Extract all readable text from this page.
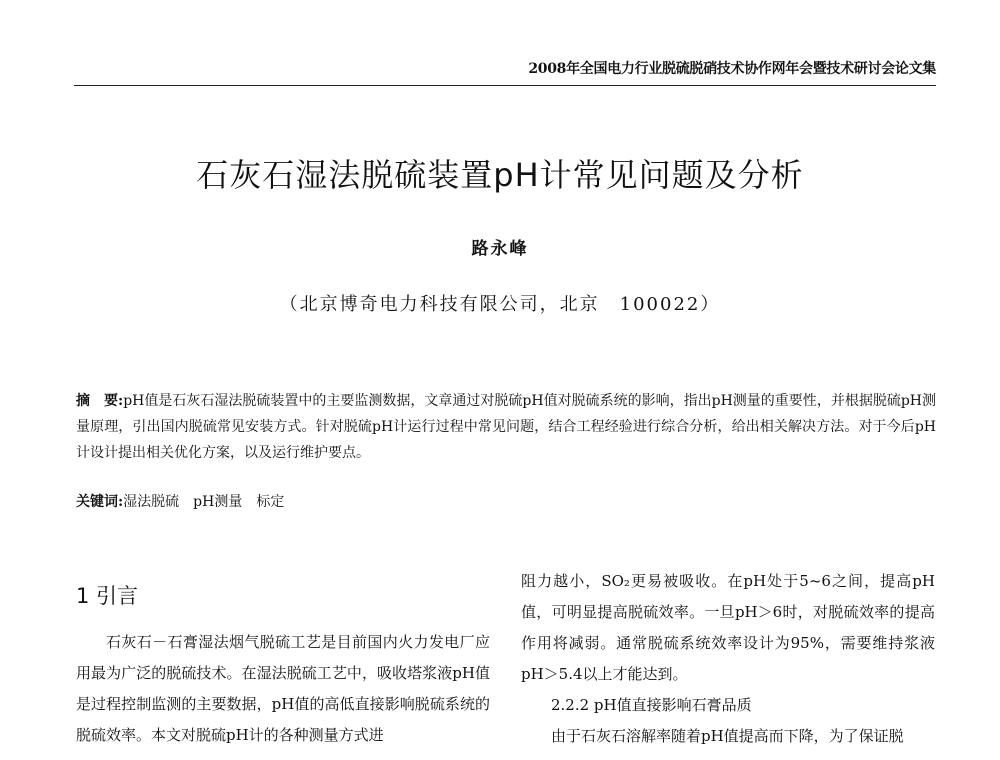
2008年全国电力行业脱硫脱硝技术协作网年会暨技术研讨会论文集
石灰石湿法脱硫装置pH计常见问题及分析
路永峰
（北京博奇电力科技有限公司，北京　100022）
摘　要:pH值是石灰石湿法脱硫装置中的主要监测数据，文章通过对脱硫pH值对脱硫系统的影响，指出pH测量的重要性，并根据脱硫pH测量原理，引出国内脱硫常见安装方式。针对脱硫pH计运行过程中常见问题，结合工程经验进行综合分析，给出相关解决方法。对于今后pH计设计提出相关优化方案，以及运行维护要点。
关键词:湿法脱硫　pH测量　标定
1 引言

石灰石－石膏湿法烟气脱硫工艺是目前国内火力发电厂应用最为广泛的脱硫技术。在湿法脱硫工艺中，吸收塔浆液pH值是过程控制监测的主要数据，pH值的高低直接影响脱硫系统的脱硫效率。本文对脱硫pH计的各种测量方式进

阻力越小，SO₂更易被吸收。在pH处于5~6之间，提高pH值，可明显提高脱硫效率。一旦pH＞6时，对脱硫效率的提高作用将减弱。通常脱硫系统效率设计为95%，需要维持浆液pH＞5.4以上才能达到。

2.2.2 pH值直接影响石膏品质

由于石灰石溶解率随着pH值提高而下降，为了保证脱
